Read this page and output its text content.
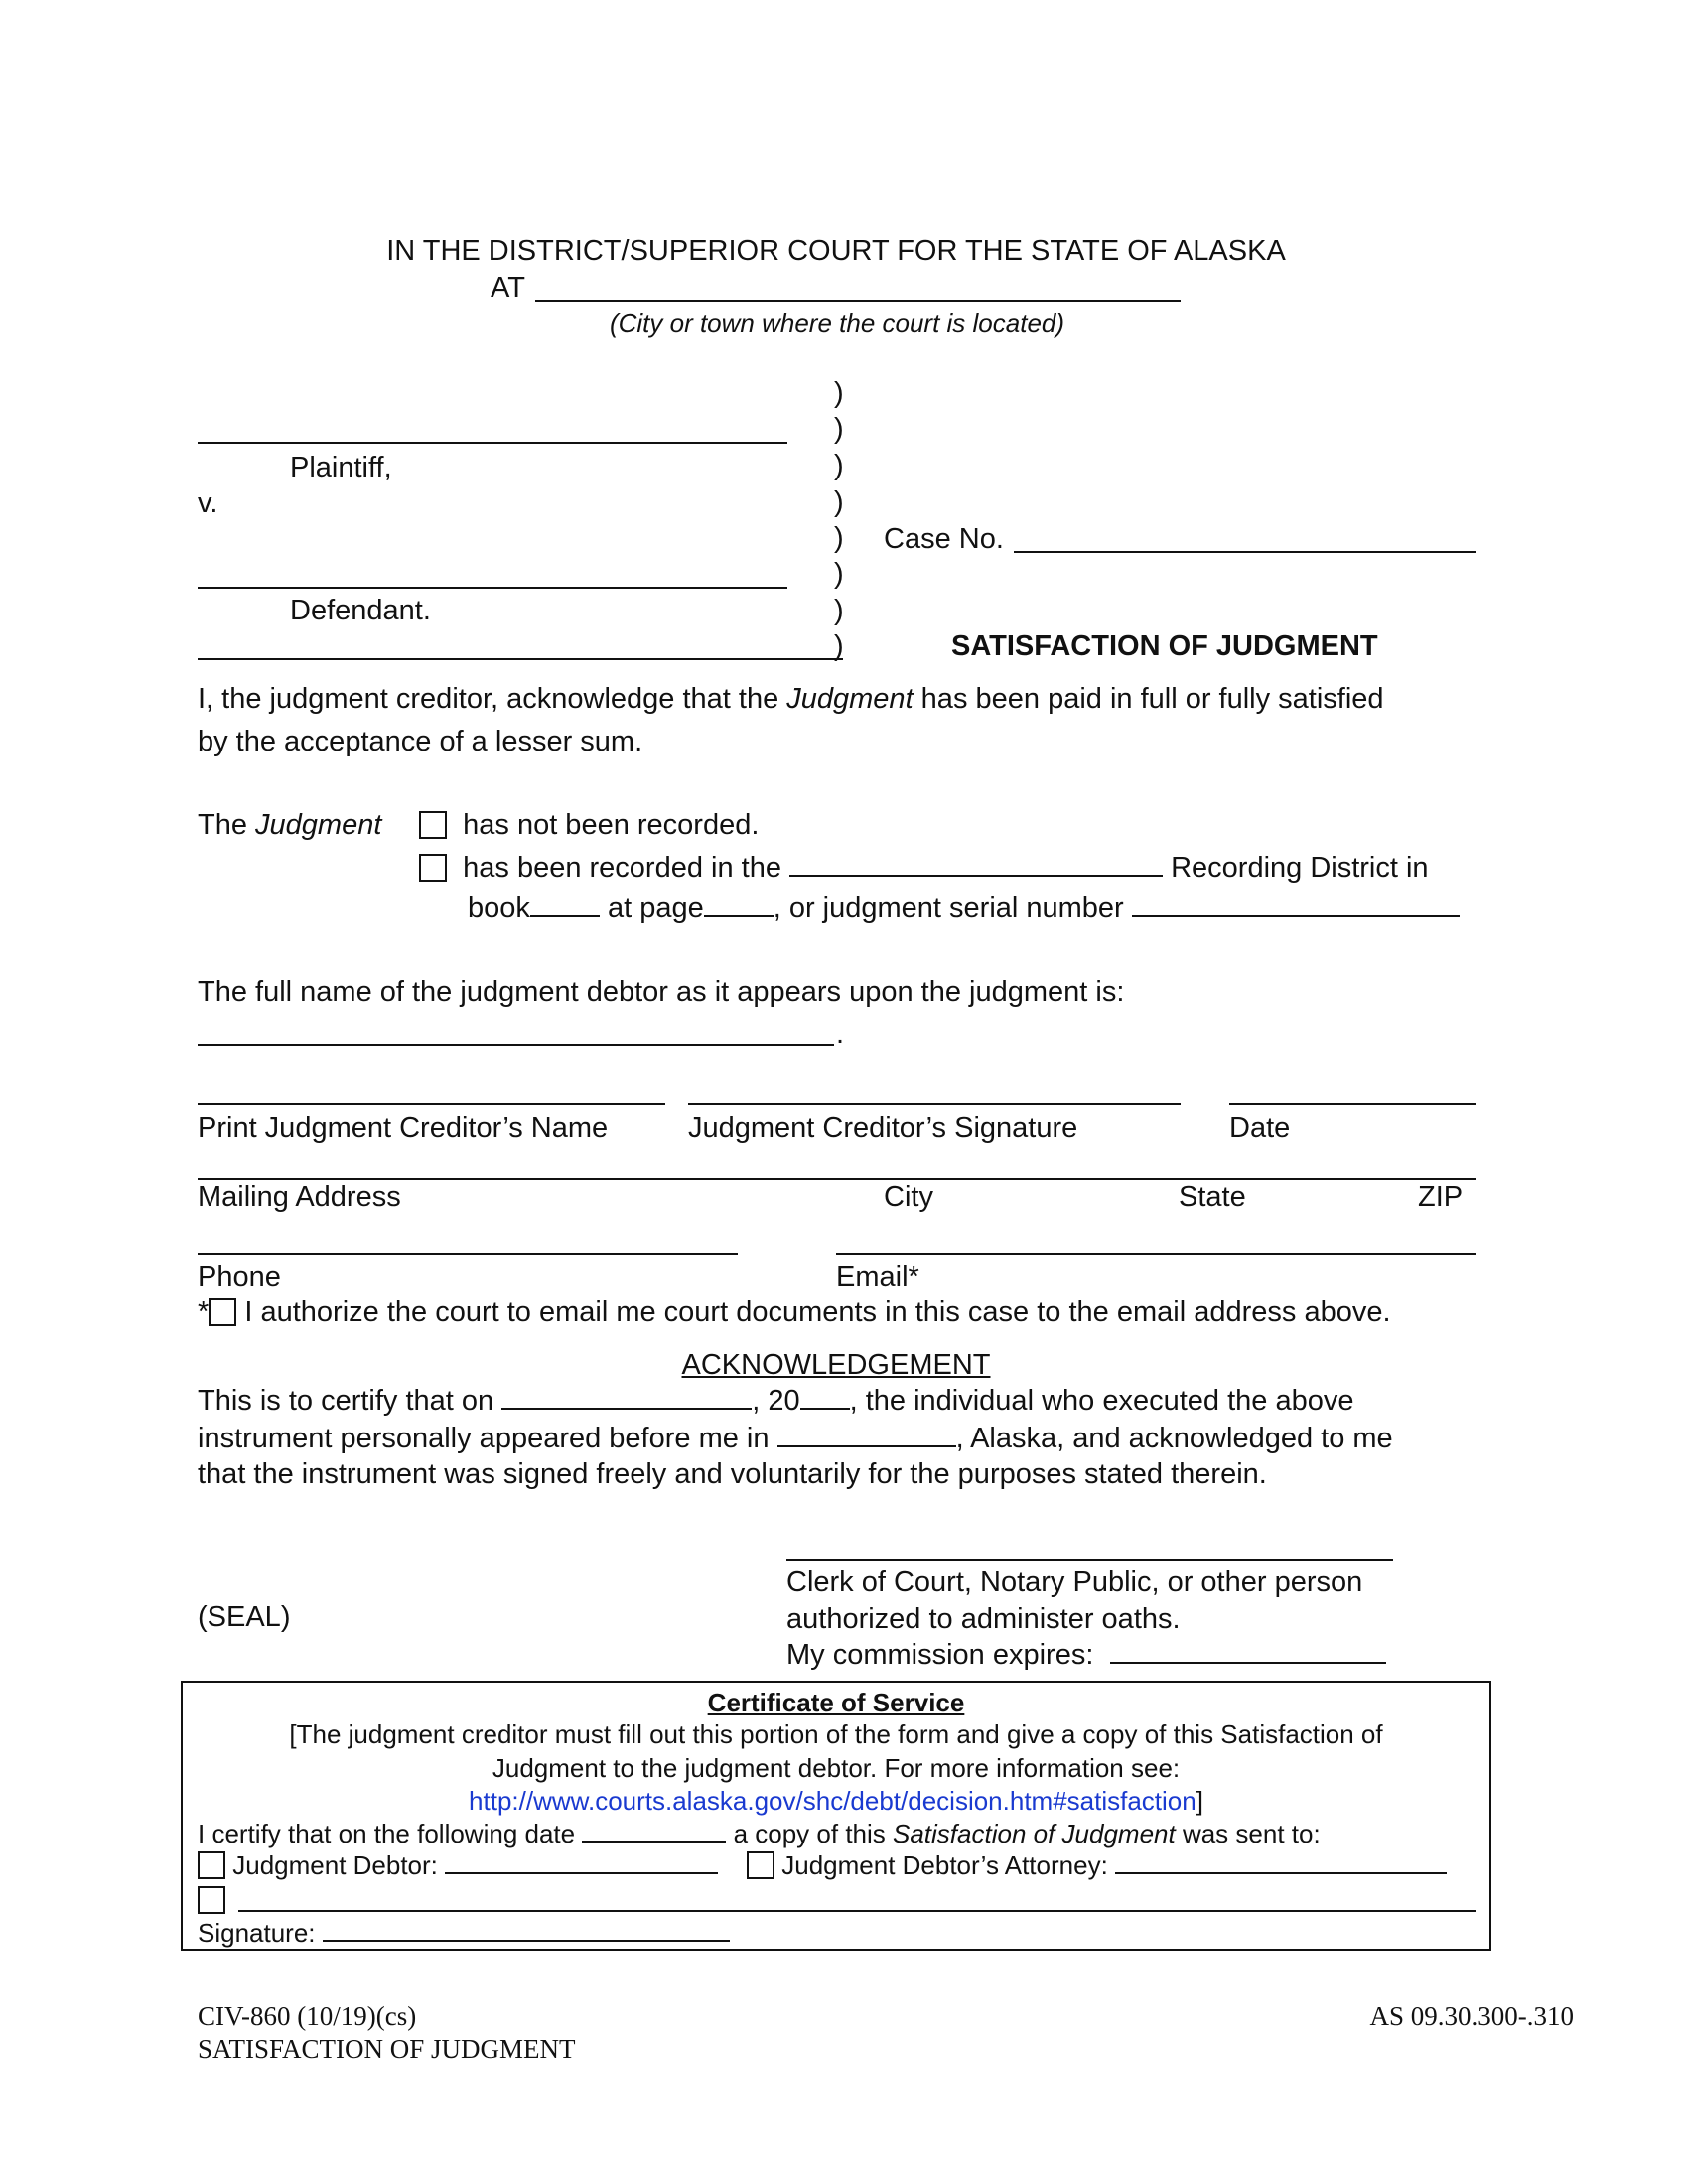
IN THE DISTRICT/SUPERIOR COURT FOR THE STATE OF ALASKA
AT
(City or town where the court is located)
)
)
)
)
)
)
)
)
Plaintiff,
v.
Case No.
Defendant.
SATISFACTION OF JUDGMENT
I, the judgment creditor, acknowledge that the Judgment has been paid in full or fully satisfied
by the acceptance of a lesser sum.
The Judgment	has not been recorded.
has been recorded in the	Recording District in
book at page , or judgment serial number
The full name of the judgment debtor as it appears upon the judgment is:
.
Print Judgment Creditor’s Name	Judgment Creditor’s Signature	Date
Mailing Address	City	State	ZIP
Phone	Email*
* I authorize the court to email me court documents in this case to the email address above.
ACKNOWLEDGEMENT
This is to certify that on	, 20 , the individual who executed the above
instrument personally appeared before me in	, Alaska, and acknowledged to me
that the instrument was signed freely and voluntarily for the purposes stated therein.
(SEAL)
Clerk of Court, Notary Public, or other person
authorized to administer oaths.
My commission expires:
Certificate of Service
[The judgment creditor must fill out this portion of the form and give a copy of this Satisfaction of
Judgment to the judgment debtor. For more information see:
http://www.courts.alaska.gov/shc/debt/decision.htm#satisfaction]
I certify that on the following date	a copy of this Satisfaction of Judgment was sent to:
Judgment Debtor:	Judgment Debtor’s Attorney:
Signature:
CIV-860 (10/19)(cs)
SATISFACTION OF JUDGMENT
AS 09.30.300-.310
